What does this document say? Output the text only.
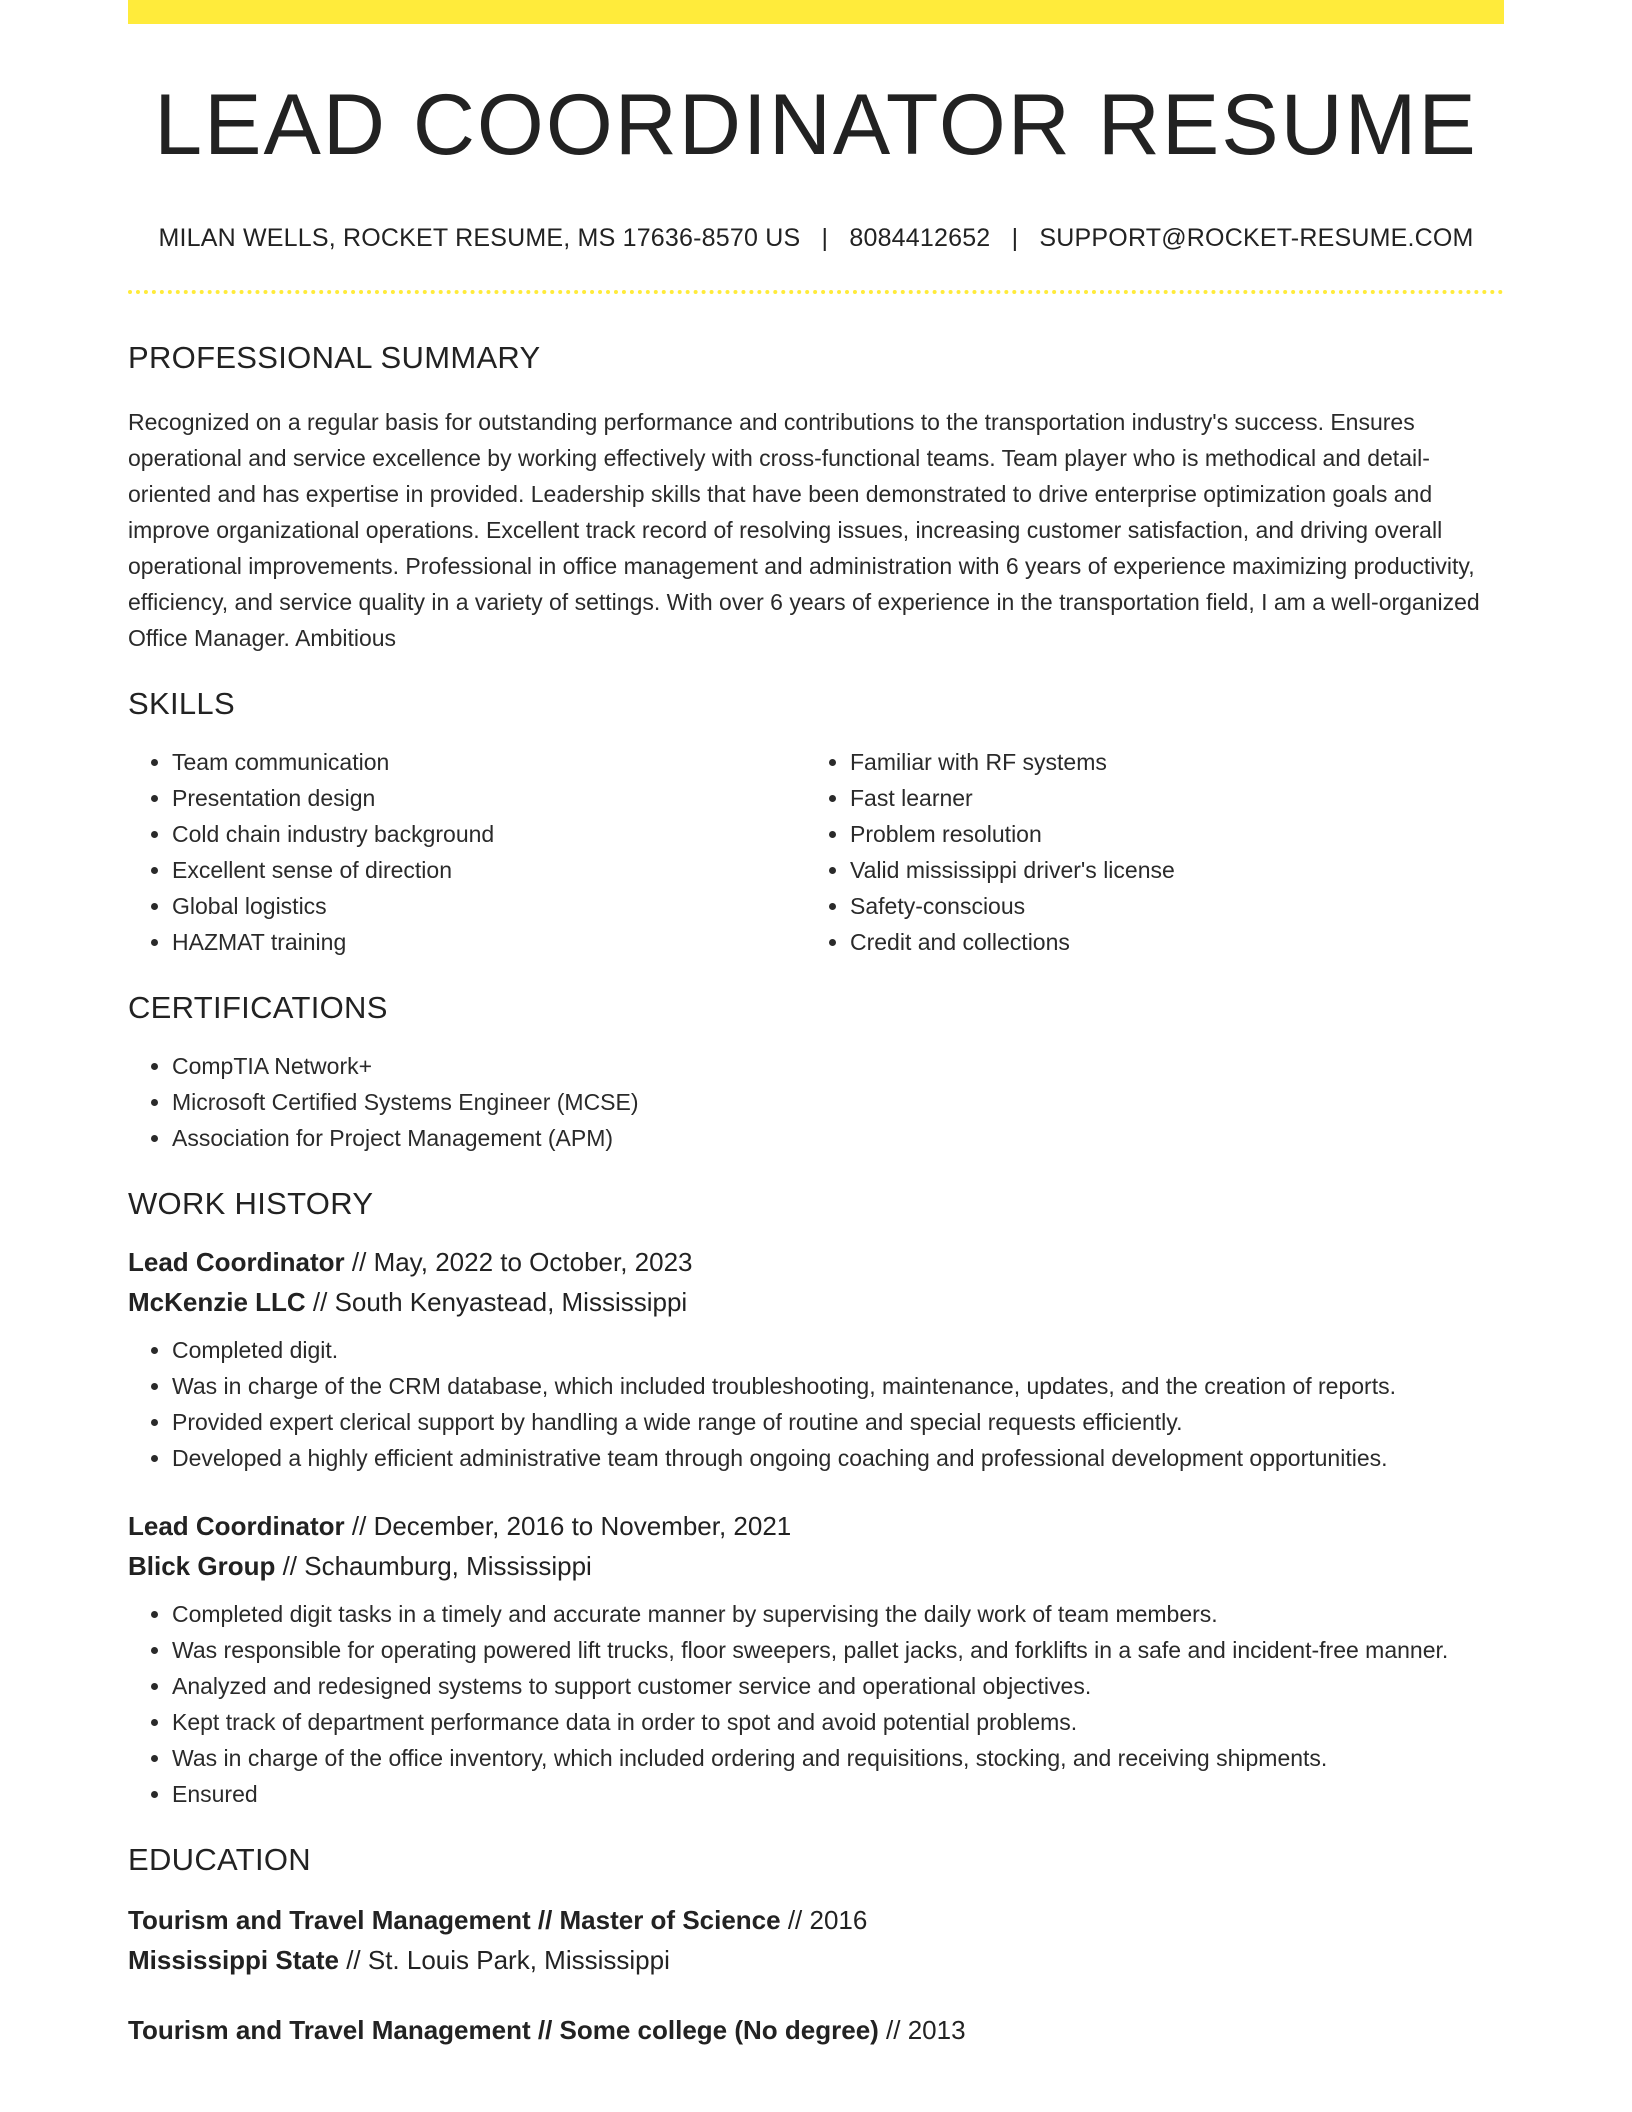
LEAD COORDINATOR RESUME
MILAN WELLS, ROCKET RESUME, MS 17636-8570 US | 8084412652 | SUPPORT@ROCKET-RESUME.COM
PROFESSIONAL SUMMARY
Recognized on a regular basis for outstanding performance and contributions to the transportation industry's success. Ensures operational and service excellence by working effectively with cross-functional teams. Team player who is methodical and detail-oriented and has expertise in provided. Leadership skills that have been demonstrated to drive enterprise optimization goals and improve organizational operations. Excellent track record of resolving issues, increasing customer satisfaction, and driving overall operational improvements. Professional in office management and administration with 6 years of experience maximizing productivity, efficiency, and service quality in a variety of settings. With over 6 years of experience in the transportation field, I am a well-organized Office Manager. Ambitious
SKILLS
• Team communication
• Presentation design
• Cold chain industry background
• Excellent sense of direction
• Global logistics
• HAZMAT training
• Familiar with RF systems
• Fast learner
• Problem resolution
• Valid mississippi driver's license
• Safety-conscious
• Credit and collections
CERTIFICATIONS
• CompTIA Network+
• Microsoft Certified Systems Engineer (MCSE)
• Association for Project Management (APM)
WORK HISTORY
Lead Coordinator // May, 2022 to October, 2023
McKenzie LLC // South Kenyastead, Mississippi
• Completed digit.
• Was in charge of the CRM database, which included troubleshooting, maintenance, updates, and the creation of reports.
• Provided expert clerical support by handling a wide range of routine and special requests efficiently.
• Developed a highly efficient administrative team through ongoing coaching and professional development opportunities.
Lead Coordinator // December, 2016 to November, 2021
Blick Group // Schaumburg, Mississippi
• Completed digit tasks in a timely and accurate manner by supervising the daily work of team members.
• Was responsible for operating powered lift trucks, floor sweepers, pallet jacks, and forklifts in a safe and incident-free manner.
• Analyzed and redesigned systems to support customer service and operational objectives.
• Kept track of department performance data in order to spot and avoid potential problems.
• Was in charge of the office inventory, which included ordering and requisitions, stocking, and receiving shipments.
• Ensured
EDUCATION
Tourism and Travel Management // Master of Science // 2016
Mississippi State // St. Louis Park, Mississippi
Tourism and Travel Management // Some college (No degree) // 2013
